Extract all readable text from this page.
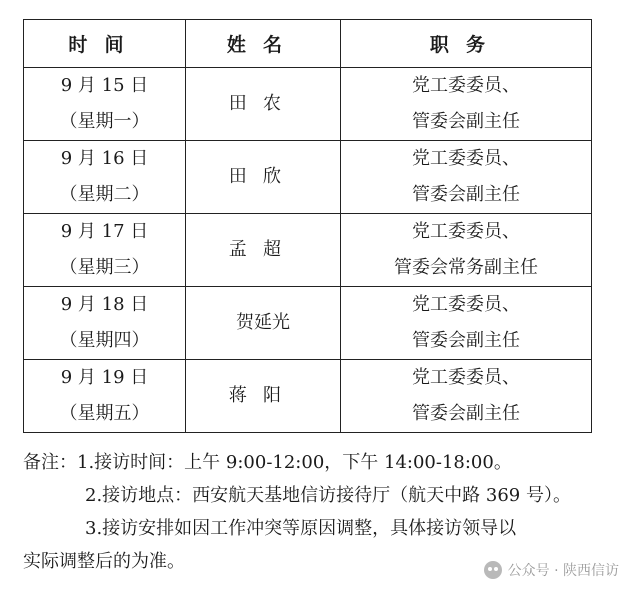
时间	姓名	职务

9 月 15 日
（星期一）	田农	党工委委员、
管委会副主任

9 月 16 日
（星期二）	田欣	党工委委员、
管委会副主任

9 月 17 日
（星期三）	孟超	党工委委员、
管委会常务副主任

9 月 18 日
（星期四）	贺延光	党工委委员、
管委会副主任

9 月 19 日
（星期五）	蒋阳	党工委委员、
管委会副主任
备注：1.接访时间：上午 9:00-12:00，下午 14:00-18:00。
2.接访地点：西安航天基地信访接待厅（航天中路 369 号）。
3.接访安排如因工作冲突等原因调整，具体接访领导以
实际调整后的为准。	公众号 · 陕西信访
